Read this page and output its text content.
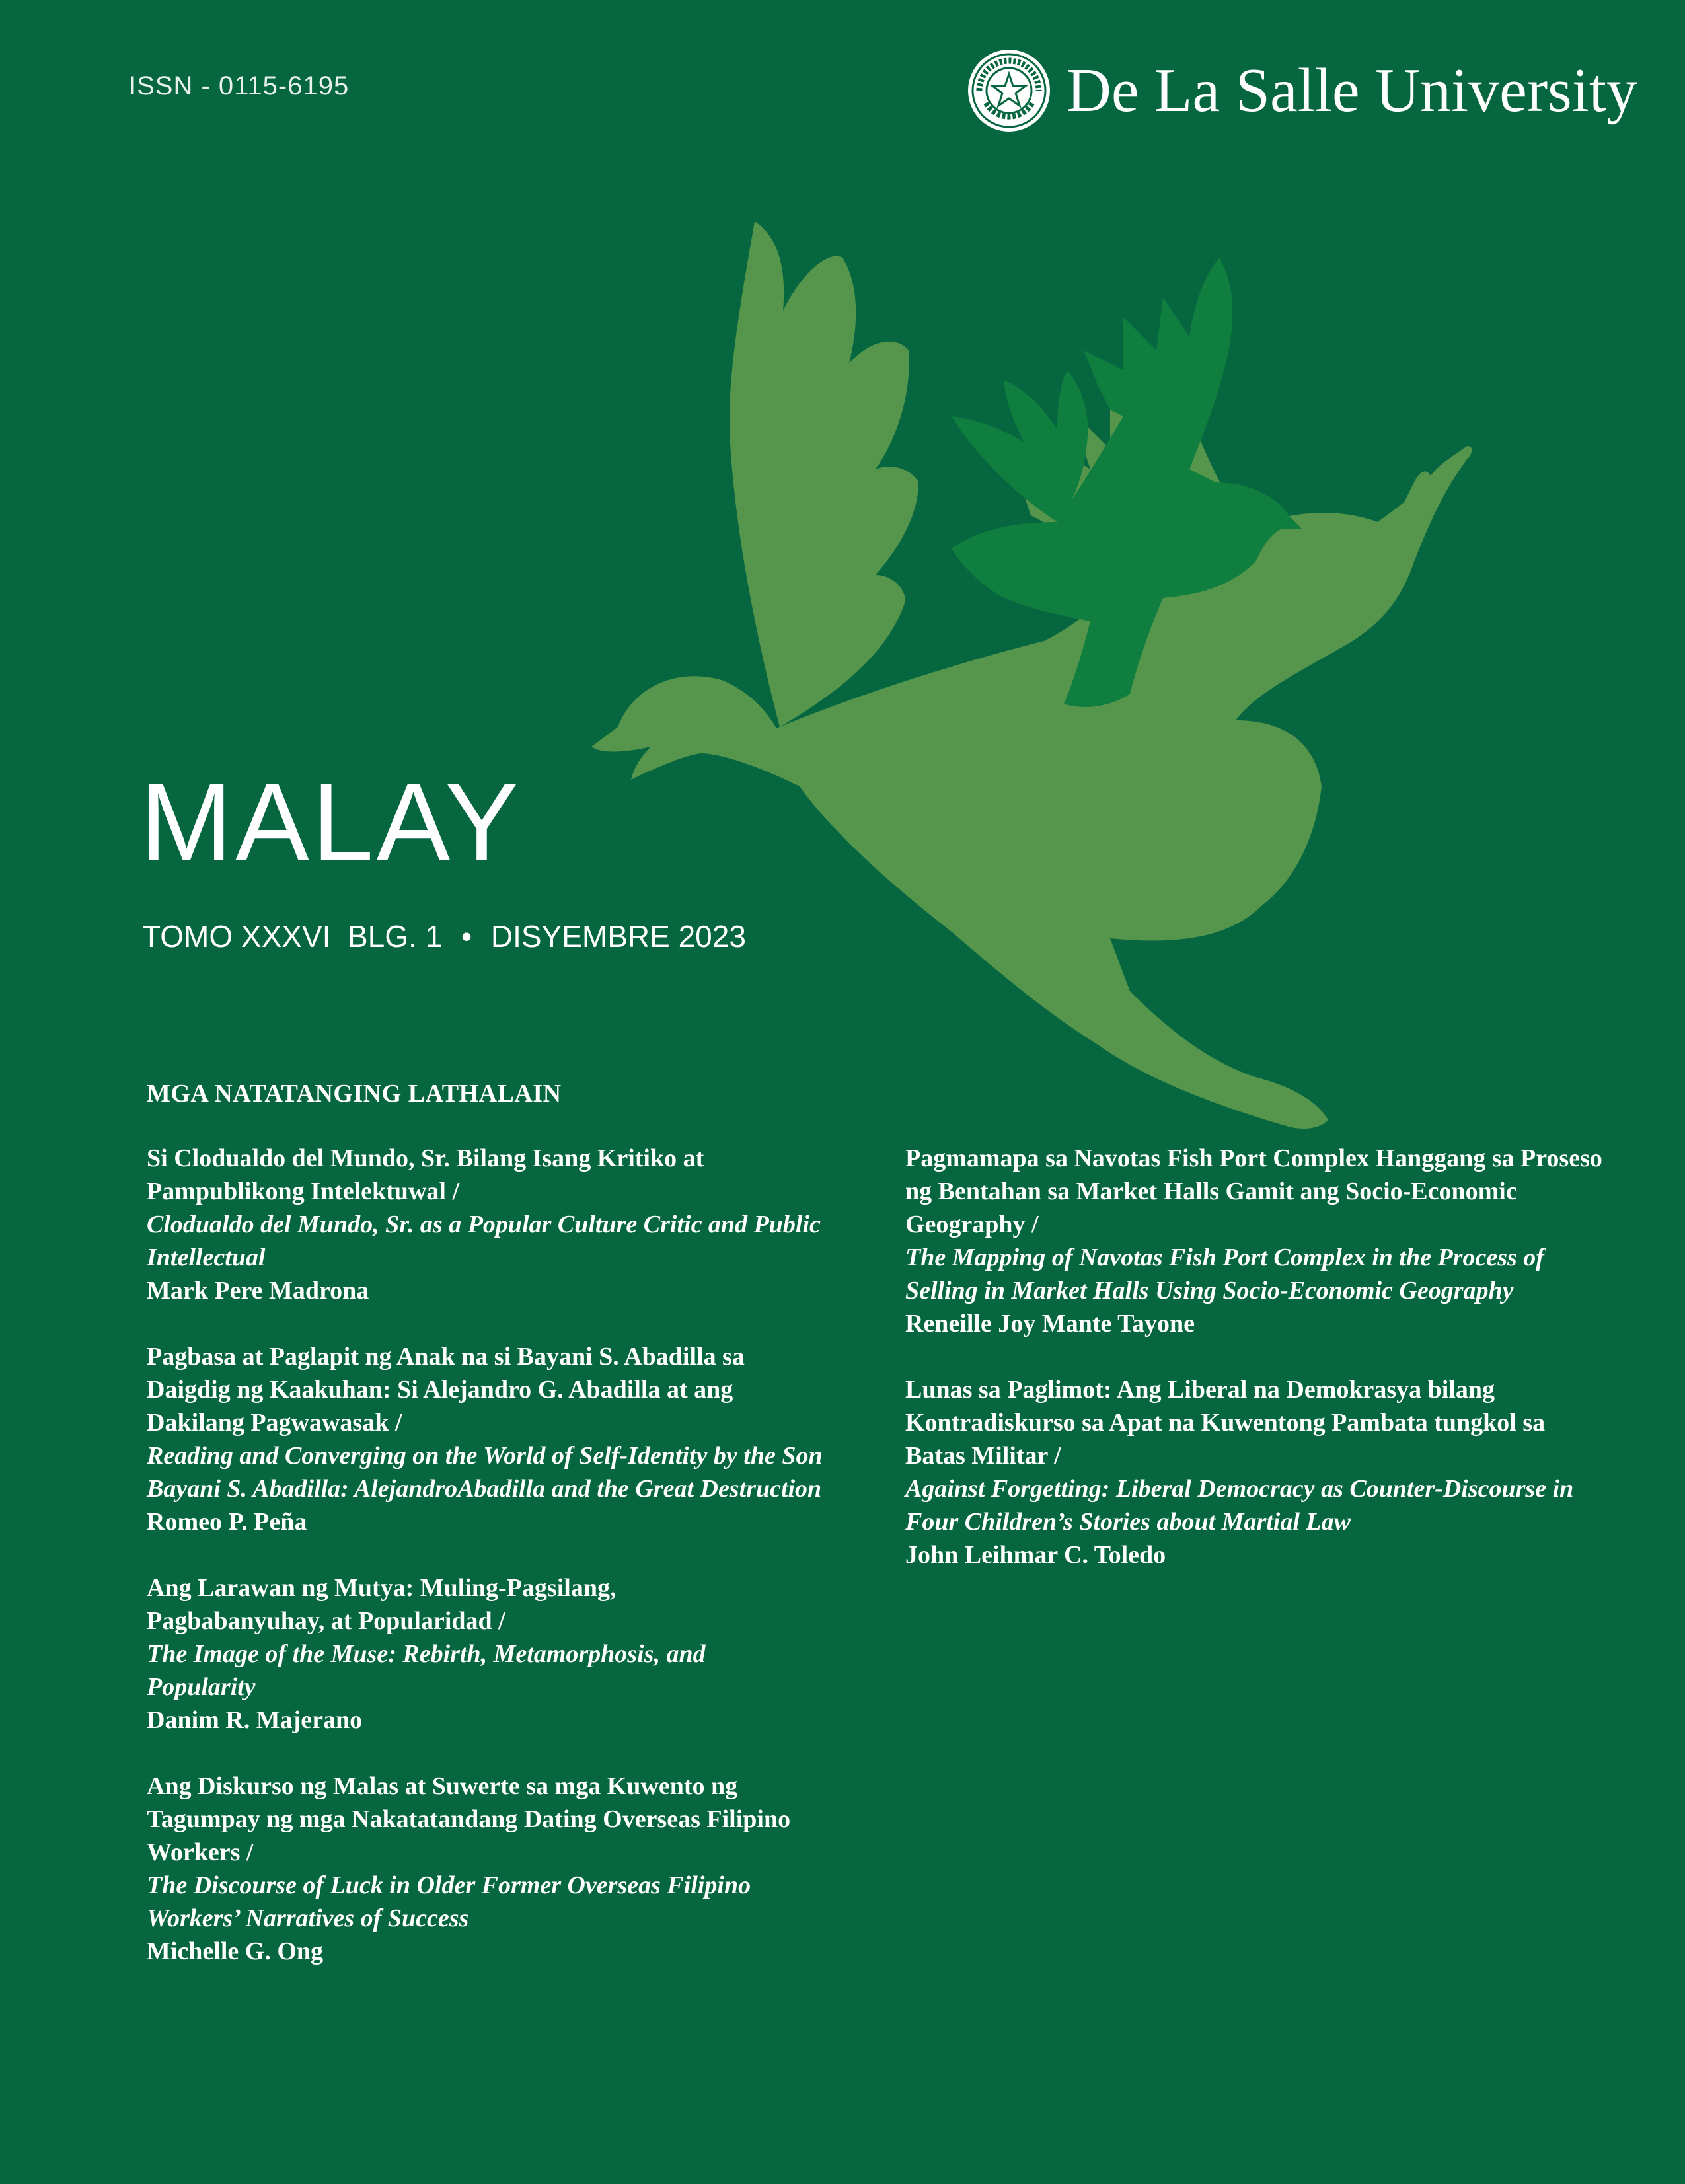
ISSN - 0115-6195	De La Salle University
MALAY
TOMO XXXVI  BLG. 1 • DISYEMBRE 2023
MGA NATATANGING LATHALAIN
Si Clodualdo del Mundo, Sr. Bilang Isang Kritiko at Pampublikong Intelektuwal /
Clodualdo del Mundo, Sr. as a Popular Culture Critic and Public Intellectual
Mark Pere Madrona
Pagbasa at Paglapit ng Anak na si Bayani S. Abadilla sa Daigdig ng Kaakuhan: Si Alejandro G. Abadilla at ang Dakilang Pagwawasak /
Reading and Converging on the World of Self-Identity by the Son Bayani S. Abadilla: AlejandroAbadilla and the Great Destruction
Romeo P. Peña
Ang Larawan ng Mutya: Muling-Pagsilang, Pagbabanyuhay, at Popularidad /
The Image of the Muse: Rebirth, Metamorphosis, and Popularity
Danim R. Majerano
Ang Diskurso ng Malas at Suwerte sa mga Kuwento ng Tagumpay ng mga Nakatatandang Dating Overseas Filipino Workers /
The Discourse of Luck in Older Former Overseas Filipino Workers’ Narratives of Success
Michelle G. Ong
Pagmamapa sa Navotas Fish Port Complex Hanggang sa Proseso ng Bentahan sa Market Halls Gamit ang Socio-Economic Geography /
The Mapping of Navotas Fish Port Complex in the Process of Selling in Market Halls Using Socio-Economic Geography
Reneille Joy Mante Tayone
Lunas sa Paglimot: Ang Liberal na Demokrasya bilang Kontradiskurso sa Apat na Kuwentong Pambata tungkol sa Batas Militar /
Against Forgetting: Liberal Democracy as Counter-Discourse in Four Children’s Stories about Martial Law
John Leihmar C. Toledo
